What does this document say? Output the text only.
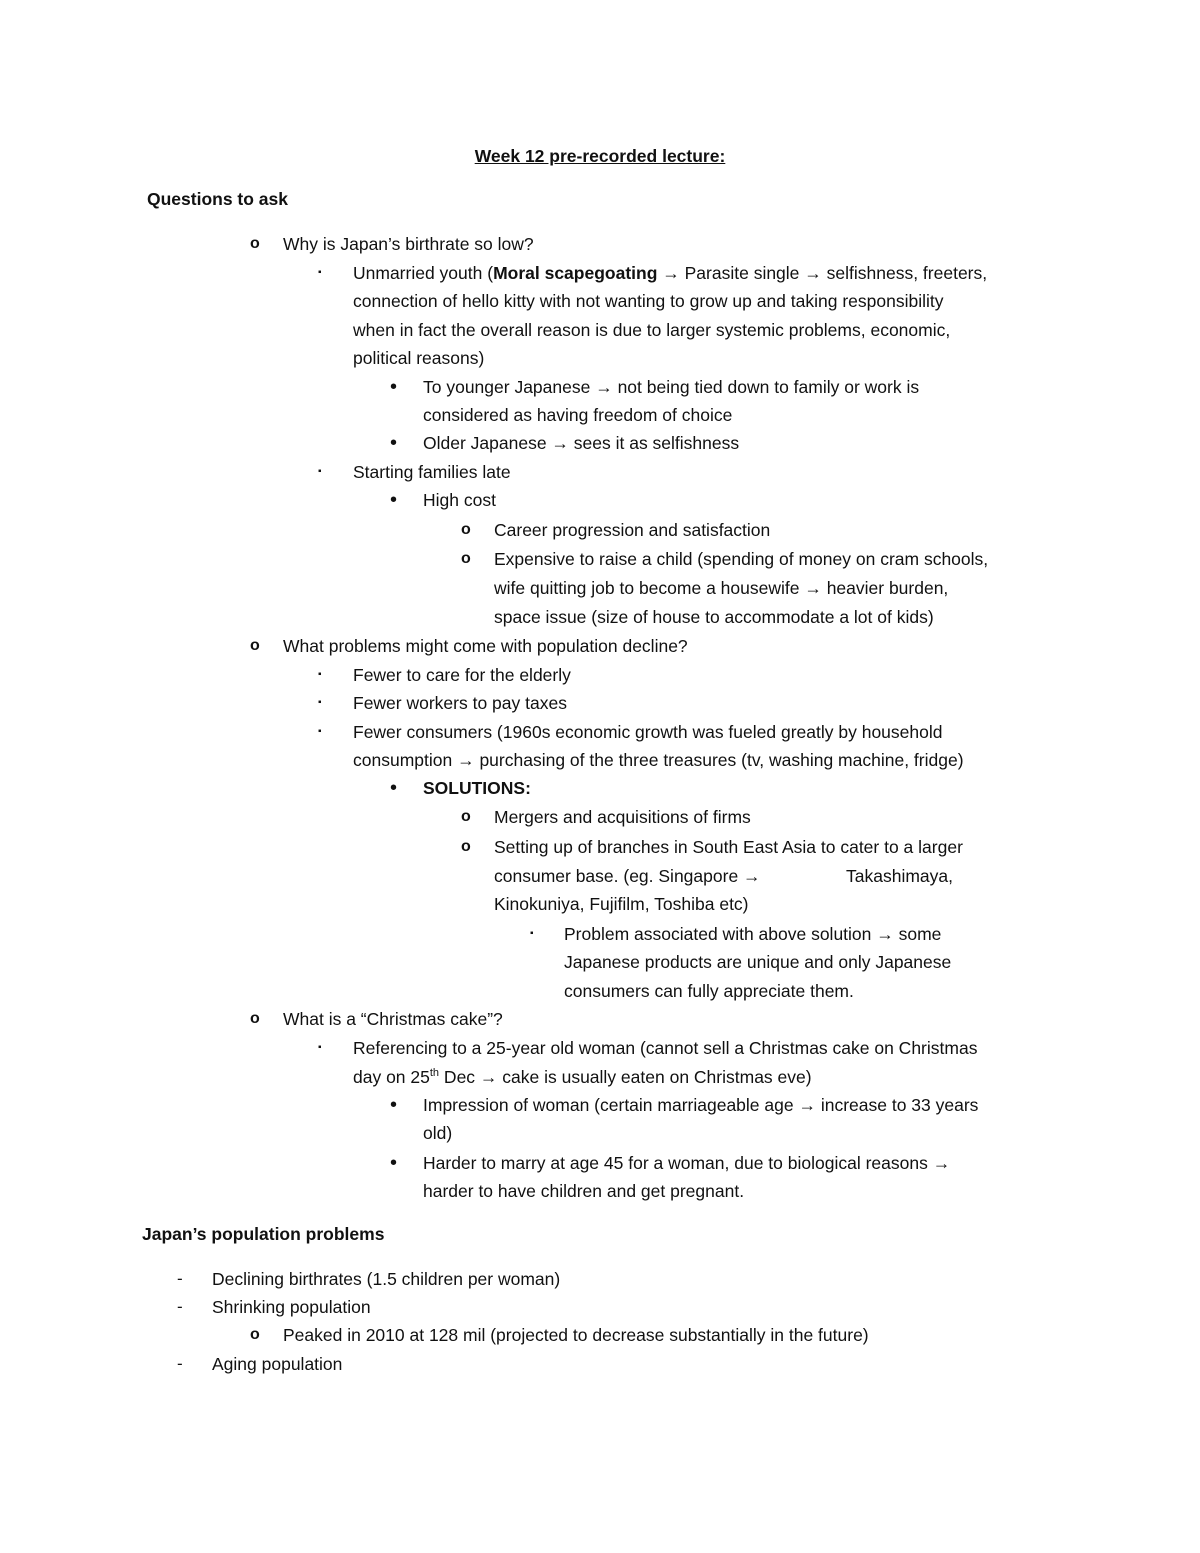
Week 12 pre-recorded lecture:
Questions to ask
o Why is Japan’s birthrate so low?
▪ Unmarried youth (Moral scapegoating → Parasite single → selfishness, freeters,
connection of hello kitty with not wanting to grow up and taking responsibility
when in fact the overall reason is due to larger systemic problems, economic,
political reasons)
• To younger Japanese → not being tied down to family or work is
considered as having freedom of choice
• Older Japanese → sees it as selfishness
▪ Starting families late
• High cost
o Career progression and satisfaction
o Expensive to raise a child (spending of money on cram schools,
wife quitting job to become a housewife → heavier burden,
space issue (size of house to accommodate a lot of kids)
o What problems might come with population decline?
▪ Fewer to care for the elderly
▪ Fewer workers to pay taxes
▪ Fewer consumers (1960s economic growth was fueled greatly by household
consumption → purchasing of the three treasures (tv, washing machine, fridge)
• SOLUTIONS:
o Mergers and acquisitions of firms
o Setting up of branches in South East Asia to cater to a larger
consumer base. (eg. Singapore →	Takashimaya,
Kinokuniya, Fujifilm, Toshiba etc)
▪ Problem associated with above solution → some
Japanese products are unique and only Japanese
consumers can fully appreciate them.
o What is a “Christmas cake”?
▪ Referencing to a 25-year old woman (cannot sell a Christmas cake on Christmas
day on 25th Dec → cake is usually eaten on Christmas eve)
• Impression of woman (certain marriageable age → increase to 33 years
old)
• Harder to marry at age 45 for a woman, due to biological reasons →
harder to have children and get pregnant.
Japan’s population problems
- Declining birthrates (1.5 children per woman)
- Shrinking population
o Peaked in 2010 at 128 mil (projected to decrease substantially in the future)
- Aging population
